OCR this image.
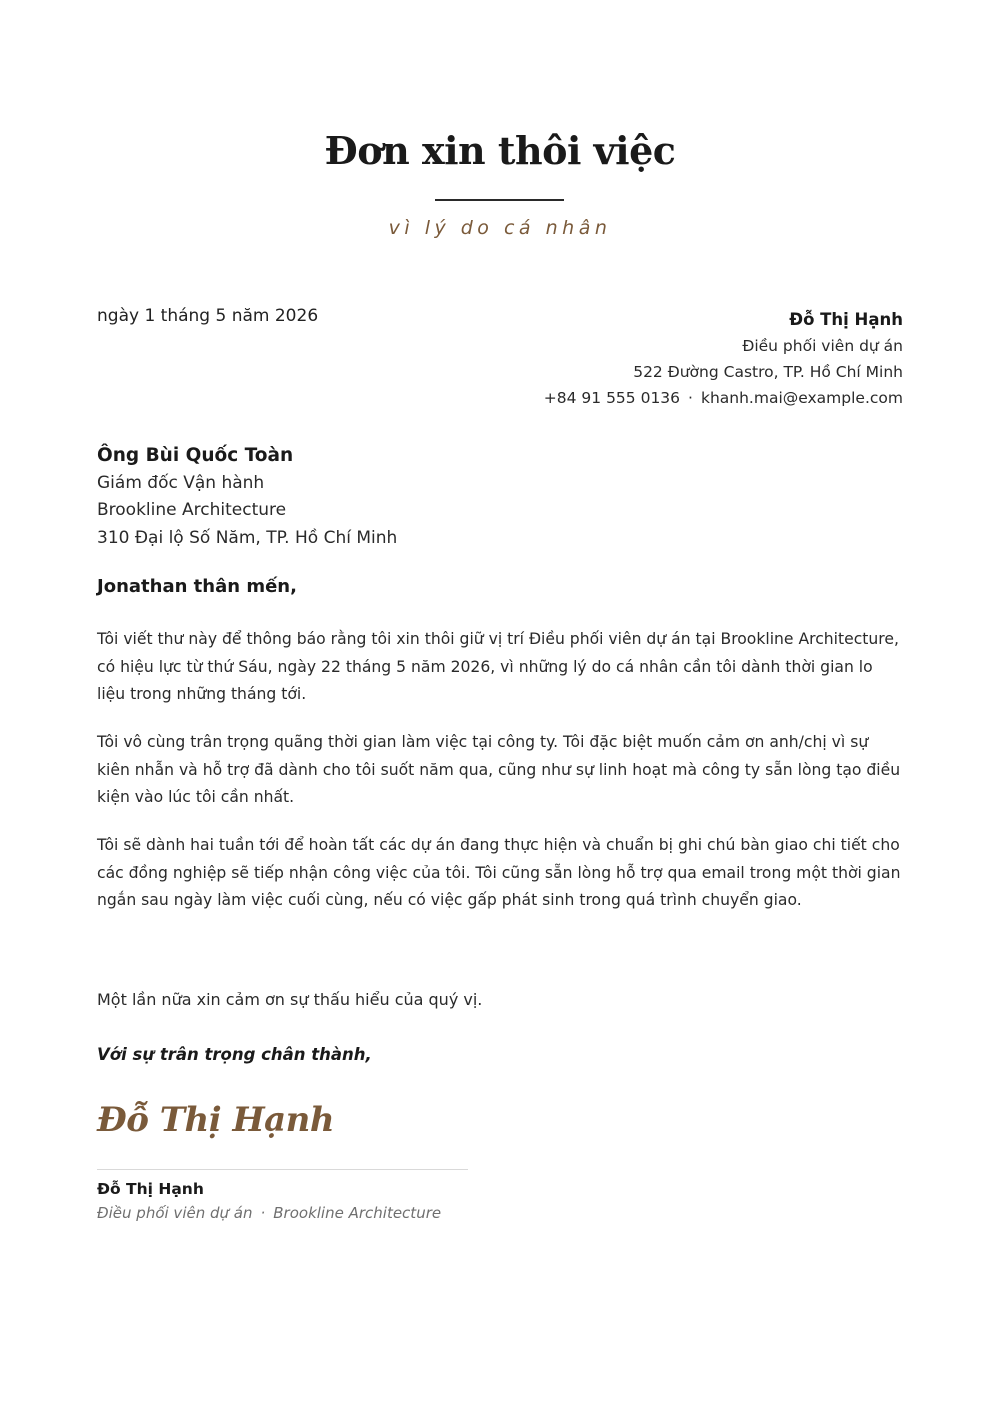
Đơn xin thôi việc
vì lý do cá nhân
ngày 1 tháng 5 năm 2026	Đỗ Thị Hạnh
Điều phối viên dự án
522 Đường Castro, TP. Hồ Chí Minh
+84 91 555 0136 · khanh.mai@example.com
Ông Bùi Quốc Toàn
Giám đốc Vận hành
Brookline Architecture
310 Đại lộ Số Năm, TP. Hồ Chí Minh
Jonathan thân mến,

Tôi viết thư này để thông báo rằng tôi xin thôi giữ vị trí Điều phối viên dự án tại Brookline Architecture, có hiệu lực từ thứ Sáu, ngày 22 tháng 5 năm 2026, vì những lý do cá nhân cần tôi dành thời gian lo liệu trong những tháng tới.

Tôi vô cùng trân trọng quãng thời gian làm việc tại công ty. Tôi đặc biệt muốn cảm ơn anh/chị vì sự kiên nhẫn và hỗ trợ đã dành cho tôi suốt năm qua, cũng như sự linh hoạt mà công ty sẵn lòng tạo điều kiện vào lúc tôi cần nhất.

Tôi sẽ dành hai tuần tới để hoàn tất các dự án đang thực hiện và chuẩn bị ghi chú bàn giao chi tiết cho các đồng nghiệp sẽ tiếp nhận công việc của tôi. Tôi cũng sẵn lòng hỗ trợ qua email trong một thời gian ngắn sau ngày làm việc cuối cùng, nếu có việc gấp phát sinh trong quá trình chuyển giao.

Một lần nữa xin cảm ơn sự thấu hiểu của quý vị.
Với sự trân trọng chân thành,
Đỗ Thị Hạnh
Đỗ Thị Hạnh
Điều phối viên dự án · Brookline Architecture
